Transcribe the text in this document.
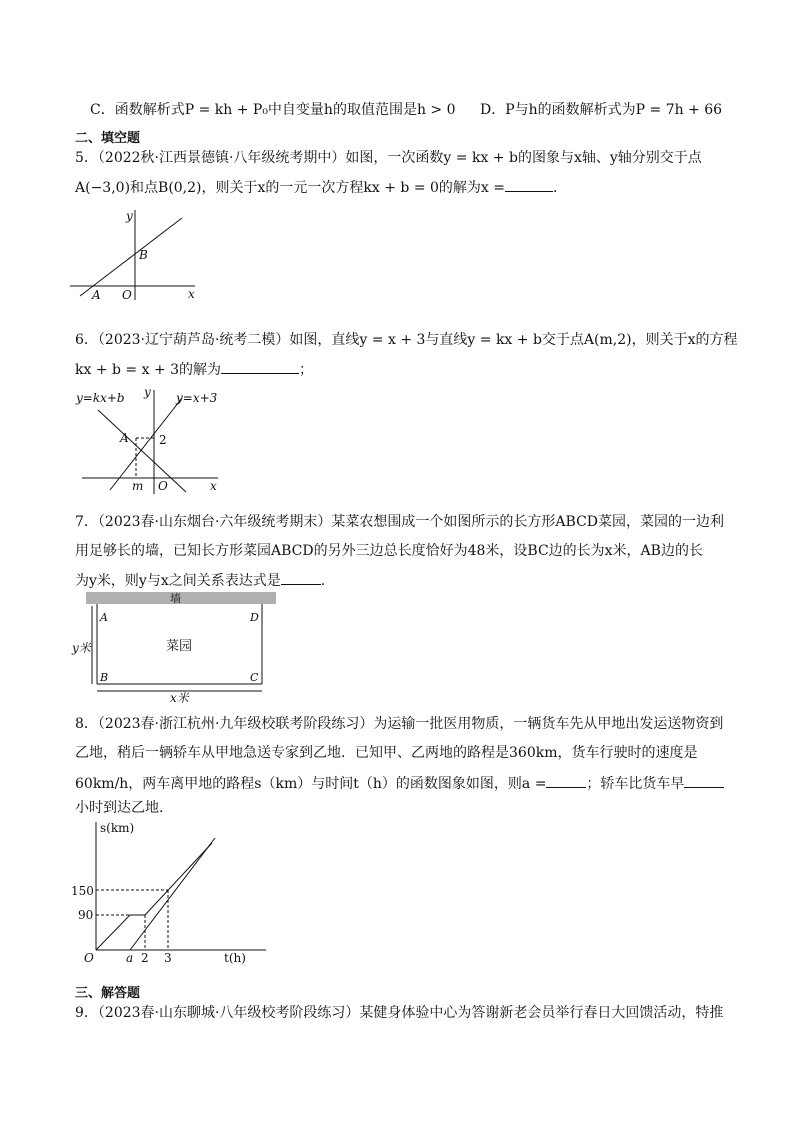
C．函数解析式P = kh + P₀中自变量h的取值范围是h > 0 D．P与h的函数解析式为P = 7h + 66
二、填空题
5．（2022秋·江西景德镇·八年级统考期中）如图，一次函数y = kx + b的图象与x轴、y轴分别交于点
A(−3,0)和点B(0,2)，则关于x的一元一次方程kx + b = 0的解为x =	.
y
x
B
A O
6．（2023·辽宁葫芦岛·统考二模）如图，直线y = x + 3与直线y = kx + b交于点A(m,2)，则关于x的方程
kx + b = x + 3的解为	；
y=kx+b	y=x+3
y
A	2
m O	x
7．（2023春·山东烟台·六年级统考期末）某菜农想围成一个如图所示的长方形ABCD菜园，菜园的一边利
用足够长的墙，已知长方形菜园ABCD的另外三边总长度恰好为48米，设BC边的长为x米，AB边的长
为y米，则y与x之间关系表达式是	.
墙
A	D
B	C
菜园
y米
x米
8．（2023春·浙江杭州·九年级校联考阶段练习）为运输一批医用物质，一辆货车先从甲地出发运送物资到
乙地，稍后一辆轿车从甲地急送专家到乙地．已知甲、乙两地的路程是360km，货车行驶时的速度是
60km/h，两车离甲地的路程s（km）与时间t（h）的函数图象如图，则a =	；轿车比货车早
小时到达乙地.
s(km)
t(h)
150
90
O	a 2 3
三、解答题
9．（2023春·山东聊城·八年级校考阶段练习）某健身体验中心为答谢新老会员举行春日大回馈活动，特推
